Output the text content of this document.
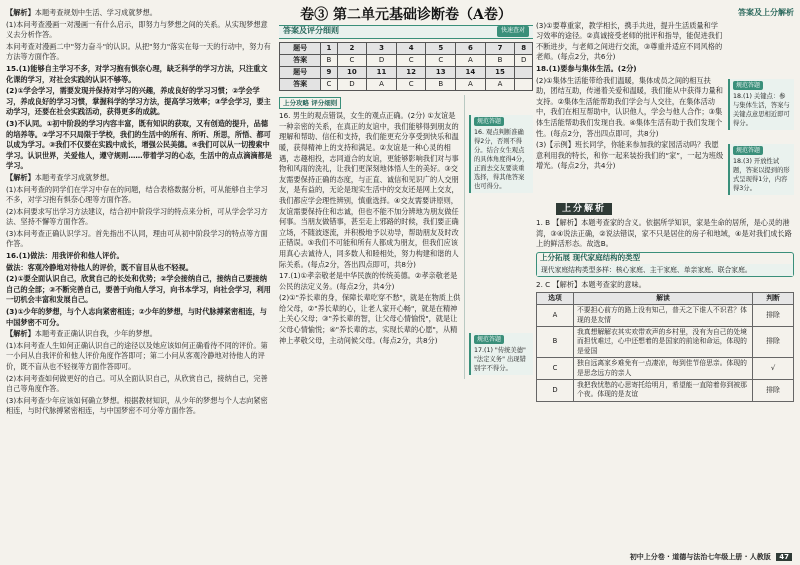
【解析】本题考查规划中生活、学习成就梦想。

(1)本问考查漫画一对漫画一有什么启示，即努力与梦想之间的关系。从实现梦想意义去分析作答。

本问考查对漫画二中"努力奋斗"的认识。从把"努力"落实在每一天的行动中，努力有方法等方面作答。

15.(1)能够自主学习不多，对学习抱有惧奈心理，缺乏科学的学习方法，只注重文化课的学习，对社会实践的认识不够等。

(2)①学会学习，需要发现并保持对学习的兴趣，养成良好的学习习惯；②学会学习，养成良好的学习习惯，掌握科学的学习方法，提高学习效率；③学会学习，要主动学习，还要在社会实践活动，获得更多的成就。

(3)不认同。①初中阶段的学习内容丰富，既有知识的获取，又有创造的提升，品德的培养等。②学习不只局限于学校，我们的生活中的所有、所听、所思，所悟、都可以成为学习。③我们不仅要在实践中成长，增强公民美德。④我们可以从一切搜索中学习。认识世界，关爱他人，遵守规则……带着学习的心态，生活中的点点滴滴都是学习。

【解析】本题考查学习成就梦想。

(1)本问考查的同学们在学习中存在的问题，结合表格数据分析，可从能够自主学习不多，对学习抱有惧奈心理等方面作答。

(2)本问要求写出学习方法建议，结合初中阶段学习的特点来分析，可从学会学习方法、坚持不懈等方面作答。

(3)本问考查正确认识学习。首先指出不认同，理由可从初中阶段学习的特点等方面作答。

16.(1)做法：用我评价和他人评价。

做法：客观冷静地对待他人的评价，既不盲目从也不轻视。

(2)①要全面认识自己，欣赏自己的长处和优势；②学会接纳自己，接纳自己要接纳自己的全部；③不断完善自己，要善于向他人学习，向书本学习，向社会学习，利用一切机会丰富和发展自己。

(3)①少年的梦想，与个人志向紧密相连；②少年的梦想，与时代脉搏紧密相连，与中国梦密不可分。

【解析】本题考查正确认识自我，少年的梦想。

(1)本问考查人生如何正确认识自己的途径以及她应该如何正确看待不同的评价。第一小问从自我评价和他人评价角度作答即可；第二小问从客观冷静地对待他人的评价，既不盲从也不轻视等方面作答即可。

(2)本问考查如何做更好的自己。可从全面认识自己，从欣赏自己，接纳自己，完善自己等角度作答。

(3)本问考查少年应该如何确立梦想。根据教材知识，从少年的梦想与个人志向紧密相连，与时代脉搏紧密相连，与中国梦密不可分等方面作答。

卷③ 第二单元基础诊断卷（A卷）
答案及评分细则	快速查对
题号	1	2	3	4	5	6	7	8
答案	B	C	D	C	C	A	B	D
题号	9	10	11	12	13	14	15	
答案	C	D	A	C	B	A	A	
上分攻略 评分细则

16. 男生的观点错误，女生的观点正确。(2分) ①友谊是一种亲密的关系，在真正的友谊中，我们能够得到朋友的理解和帮助、信任和支持，我们能更充分享受到快乐和温暖，获得精神上的支持和满足。②友谊是一种心灵的相遇，志趣相投，志同道合的友谊，更能够影响我们对与事物和风雨的洗礼，让我们更深刻地体悟人生的美好。③交友需要保持正确的态度，与正直、诚信和见识广的人交朋友，是有益的，无论是现实生活中的交友还是网上交友，我们都应学会理性辨别，慎重选择。④交友需要讲原则，友谊需要保持住和志诚，但也不能不加分辨地为朋友做任何事。当朋友做错事，甚至走上邪路的时候，我们要正确立场，不随波逐流，并积极地予以劝导，帮助朋友及时改正错误。⑤我们不可能和所有人都成为朋友，但我们应该用真心去诚待人，同多数人和睦相处，努力构建和谐的人际关系。(每点2分，答出四点即可，共8分)

17.(1)①孝亲敬老是中华民族的传统美德。②孝亲敬老是公民的法定义务。(每点2分，共4分)

(2)①"养长辈的身，保障长辈吃穿不愁"，就是在物质上供给父母，②"养长辈的心，让老人家开心畅"，就是在精神上关心父母；③"养长辈的智，让父母心情愉悦"，就是让父母心情愉悦；④"养长辈的志，实现长辈的心愿"，从精神上孝敬父母，主动间候父母。(每点2分，共8分)

规范答题
16. 观点判断准确得2分，否则不得分。结合女生观点的具体角度得4分，正面去交友要谈重选择，得其他答案也可得分。
规范答题
17.(1) "传统美德" "法定义务" 出现错别字不得分。
答案及上分解析

(3)①要尊重家，教学相长，携手共进，提升生活质量和学习效率的途径。②真诚接受老师的批评和指导，能促进我们不断进步，与老师之间进行交流，③尊重并适应不同风格的老师。(每点2分，共6分)

18.(1)要参与集体生活。(2分)

(2)①集体生活能带给我们温暖，集体成员之间的相互扶助，团结互助，传递着关爱和温暖，我们能从中获得力量和支持。②集体生活能帮助我们学会与人交往，在集体活动中，我们在相互帮助中，认识他人，学会与他人合作；③集体生活能帮助我们发现自我。④集体生活有助于我们发现个性。(每点2分，答出四点即可，共8分)

(3)【示例】班长同学，你能来参加我的家园活动吗？我愿意利用我的特长，和你一起来装扮我们的“家”，一起为班级增光。(每点2分，共4分)

规范答题
18.(1) 关键点：参与集体生活，答案与关键点意思相近即可得分。
规范答题
18.(3) 开放性试题，答案以提到的形式呈现得1分，内容得3分。
上分解析

1. B 【解析】本题考查家的含义。依据所学知识，家是生命的居所，是心灵的港湾，③④说法正确，②说法错误，家不只是居住的房子和地域，④是对我们成长路上的鲜活形态。故选B。

上分拓展 现代家庭结构的类型
现代家庭结构类型多样：核心家庭、主干家庭、单亲家庭、联合家庭。

2. C 【解析】本题考查家的意味。

选项	解读	判断
A	不要担心前方的路上没有知己，普天之下谁人不识君？体现的是友情	排除
B	我真想解解衣其实欢带欢声的乡村里，没有为自己的处境而担忧难过，心中还想着的是国家的前途和命运，体现的是爱国	排除
C	独自远离家乡难免有一点凄凉，每到佳节倍思亲。体现的是思念远方的亲人	√
D	我把我忧愁的心思寄托给明月，希望能一直陪着你到被那个夜。体现的是友谊	排除
初中上分卷 · 道德与法治七年级上册 · 人教版 47
